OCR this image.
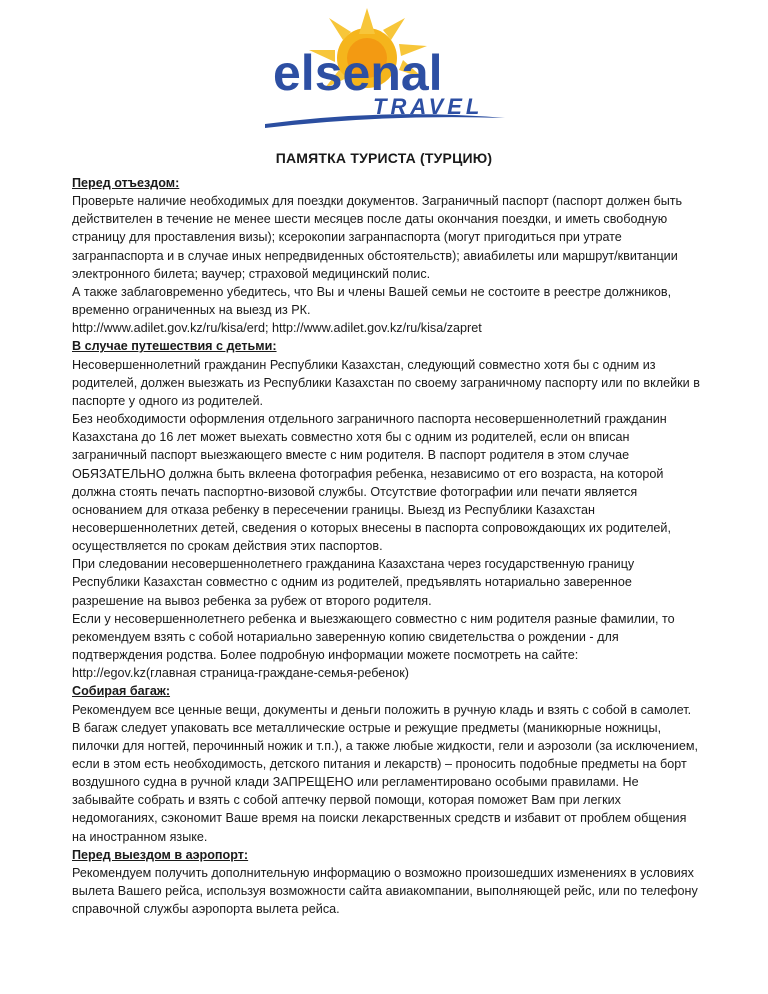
elsenal
TRAVEL
ПАМЯТКА ТУРИСТА (ТУРЦИЮ)
Перед отъездом:

Проверьте наличие необходимых для поездки документов. Заграничный паспорт (паспорт должен быть действителен в течение не менее шести месяцев после даты окончания поездки, и иметь свободную страницу для проставления визы); ксерокопии загранпаспорта (могут пригодиться при утрате загранпаспорта и в случае иных непредвиденных обстоятельств); авиабилеты или маршрут/квитанции электронного билета; ваучер; страховой медицинский полис.

А также заблаговременно убедитесь, что Вы и члены Вашей семьи не состоите в реестре должников, временно ограниченных на выезд из РК.

http://www.adilet.gov.kz/ru/kisa/erd; http://www.adilet.gov.kz/ru/kisa/zapret

В случае путешествия с детьми:

Несовершеннолетний гражданин Республики Казахстан, следующий совместно хотя бы с одним из родителей, должен выезжать из Республики Казахстан по своему заграничному паспорту или по вклейки в паспорте у одного из родителей.

Без необходимости оформления отдельного заграничного паспорта несовершеннолетний гражданин Казахстана до 16 лет может выехать совместно хотя бы с одним из родителей, если он вписан заграничный паспорт выезжающего вместе с ним родителя. В паспорт родителя в этом случае ОБЯЗАТЕЛЬНО должна быть вклеена фотография ребенка, независимо от его возраста, на которой должна стоять печать паспортно-визовой службы. Отсутствие фотографии или печати является основанием для отказа ребенку в пересечении границы. Выезд из Республики Казахстан несовершеннолетних детей, сведения о которых внесены в паспорта сопровождающих их родителей, осуществляется по срокам действия этих паспортов.

При следовании несовершеннолетнего гражданина Казахстана через государственную границу Республики Казахстан совместно с одним из родителей, предъявлять нотариально заверенное разрешение на вывоз ребенка за рубеж от второго родителя.

Если у несовершеннолетнего ребенка и выезжающего совместно с ним родителя разные фамилии, то рекомендуем взять с собой нотариально заверенную копию свидетельства о рождении - для подтверждения родства. Более подробную информации можете посмотреть на сайте:

http://egov.kz(главная страница-граждане-семья-ребенок)

Собирая багаж:

Рекомендуем все ценные вещи, документы и деньги положить в ручную кладь и взять с собой в самолет. В багаж следует упаковать все металлические острые и режущие предметы (маникюрные ножницы, пилочки для ногтей, перочинный ножик и т.п.), а также любые жидкости, гели и аэрозоли (за исключением, если в этом есть необходимость, детского питания и лекарств) – проносить подобные предметы на борт воздушного судна в ручной клади ЗАПРЕЩЕНО или регламентировано особыми правилами. Не забывайте собрать и взять с собой аптечку первой помощи, которая поможет Вам при легких недомоганиях, сэкономит Ваше время на поиски лекарственных средств и избавит от проблем общения на иностранном языке.

Перед выездом в аэропорт:

Рекомендуем получить дополнительную информацию о возможно произошедших изменениях в условиях вылета Вашего рейса, используя возможности сайта авиакомпании, выполняющей рейс, или по телефону справочной службы аэропорта вылета рейса.
